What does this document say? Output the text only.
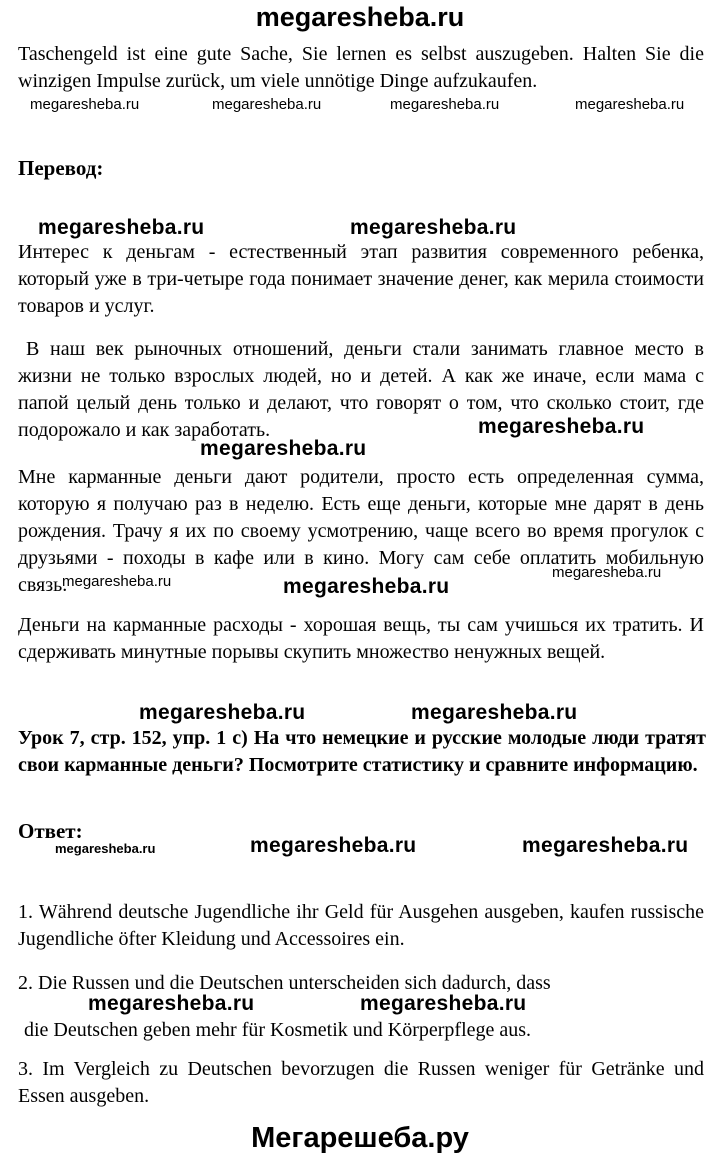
megaresheba.ru
Taschengeld ist eine gute Sache, Sie lernen es selbst auszugeben. Halten Sie die winzigen Impulse zurück, um viele unnötige Dinge aufzukaufen.
megaresheba.ru	megaresheba.ru	megaresheba.ru	megaresheba.ru
Перевод:
megaresheba.ru	megaresheba.ru
Интерес к деньгам - естественный этап развития современного ребенка, который уже в три-четыре года понимает значение денег, как мерила стоимости товаров и услуг.
В наш век рыночных отношений, деньги стали занимать главное место в жизни не только взрослых людей, но и детей. А как же иначе, если мама с папой целый день только и делают, что говорят о том, что сколько стоит, где подорожало и как заработать.	megaresheba.ru
megaresheba.ru
Мне карманные деньги дают родители, просто есть определенная сумма, которую я получаю раз в неделю. Есть еще деньги, которые мне дарят в день рождения. Трачу я их по своему усмотрению, чаще всего во время прогулок с друзьями - походы в кафе или в кино. Могу сам себе оплатить мобильную связь.
megaresheba.ru
megaresheba.ru	megaresheba.ru
Деньги на карманные расходы - хорошая вещь, ты сам учишься их тратить. И сдерживать минутные порывы скупить множество ненужных вещей.
megaresheba.ru	megaresheba.ru
Урок 7, стр. 152, упр. 1 с) На что немецкие и русские молодые люди тратят свои карманные деньги? Посмотрите статистику и сравните информацию.
Ответ:
megaresheba.ru	megaresheba.ru	megaresheba.ru
1. Während deutsche Jugendliche ihr Geld für Ausgehen ausgeben, kaufen russische Jugendliche öfter Kleidung und Accessoires ein.
2. Die Russen und die Deutschen unterscheiden sich dadurch, dass
megaresheba.ru	megaresheba.ru
die Deutschen geben mehr für Kosmetik und Körperpflege aus.
3. Im Vergleich zu Deutschen bevorzugen die Russen weniger für Getränke und Essen ausgeben.
Мегарешеба.ру
